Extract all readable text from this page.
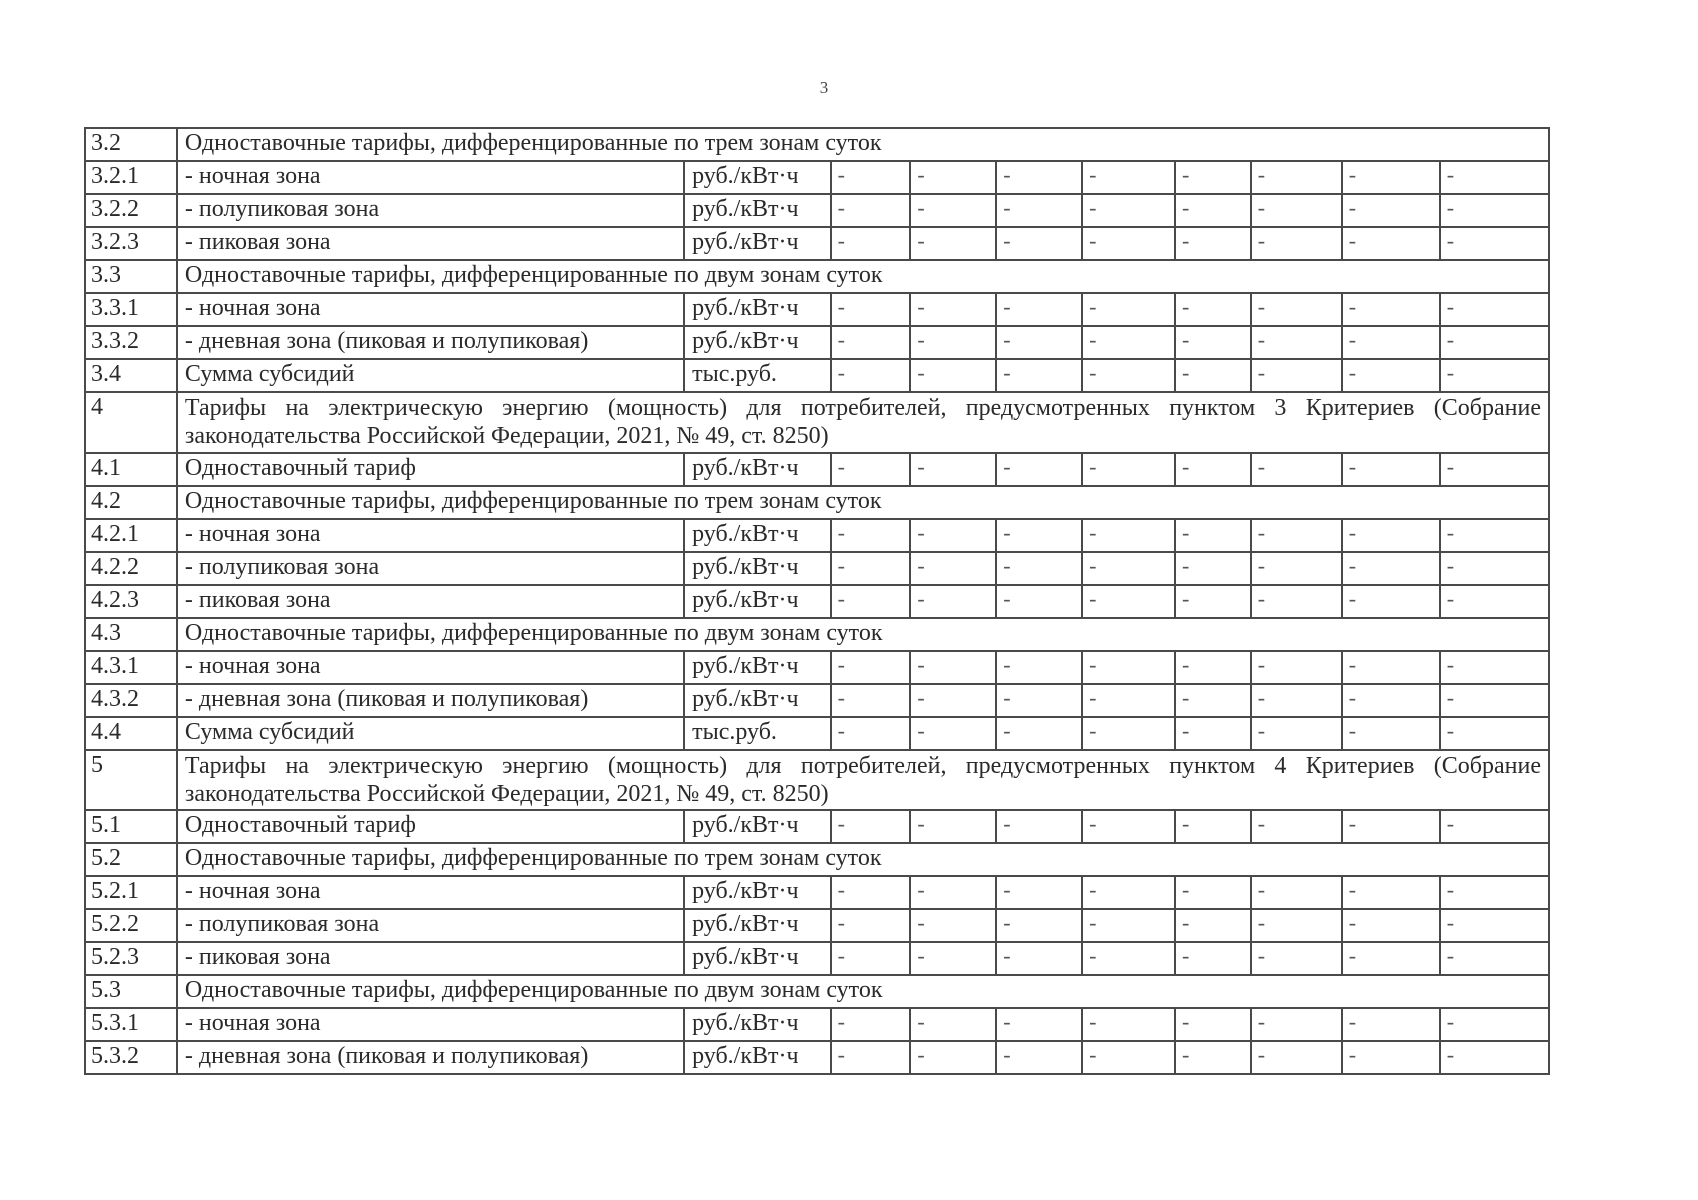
3
3.2	Одноставочные тарифы, дифференцированные по трем зонам суток									
3.2.1	- ночная зона	руб./кВт·ч	-	-	-	-	-	-	-	-
3.2.2	- полупиковая зона	руб./кВт·ч	-	-	-	-	-	-	-	-
3.2.3	- пиковая зона	руб./кВт·ч	-	-	-	-	-	-	-	-
3.3	Одноставочные тарифы, дифференцированные по двум зонам суток									
3.3.1	- ночная зона	руб./кВт·ч	-	-	-	-	-	-	-	-
3.3.2	- дневная зона (пиковая и полупиковая)	руб./кВт·ч	-	-	-	-	-	-	-	-
3.4	Сумма субсидий	тыс.руб.	-	-	-	-	-	-	-	-
4	Тарифы на электрическую энергию (мощность) для потребителей, предусмотренных пунктом 3 Критериев (Собрание законодательства Российской Федерации, 2021, № 49, ст. 8250)									
4.1	Одноставочный тариф	руб./кВт·ч	-	-	-	-	-	-	-	-
4.2	Одноставочные тарифы, дифференцированные по трем зонам суток									
4.2.1	- ночная зона	руб./кВт·ч	-	-	-	-	-	-	-	-
4.2.2	- полупиковая зона	руб./кВт·ч	-	-	-	-	-	-	-	-
4.2.3	- пиковая зона	руб./кВт·ч	-	-	-	-	-	-	-	-
4.3	Одноставочные тарифы, дифференцированные по двум зонам суток									
4.3.1	- ночная зона	руб./кВт·ч	-	-	-	-	-	-	-	-
4.3.2	- дневная зона (пиковая и полупиковая)	руб./кВт·ч	-	-	-	-	-	-	-	-
4.4	Сумма субсидий	тыс.руб.	-	-	-	-	-	-	-	-
5	Тарифы на электрическую энергию (мощность) для потребителей, предусмотренных пунктом 4 Критериев (Собрание законодательства Российской Федерации, 2021, № 49, ст. 8250)									
5.1	Одноставочный тариф	руб./кВт·ч	-	-	-	-	-	-	-	-
5.2	Одноставочные тарифы, дифференцированные по трем зонам суток									
5.2.1	- ночная зона	руб./кВт·ч	-	-	-	-	-	-	-	-
5.2.2	- полупиковая зона	руб./кВт·ч	-	-	-	-	-	-	-	-
5.2.3	- пиковая зона	руб./кВт·ч	-	-	-	-	-	-	-	-
5.3	Одноставочные тарифы, дифференцированные по двум зонам суток									
5.3.1	- ночная зона	руб./кВт·ч	-	-	-	-	-	-	-	-
5.3.2	- дневная зона (пиковая и полупиковая)	руб./кВт·ч	-	-	-	-	-	-	-	-
